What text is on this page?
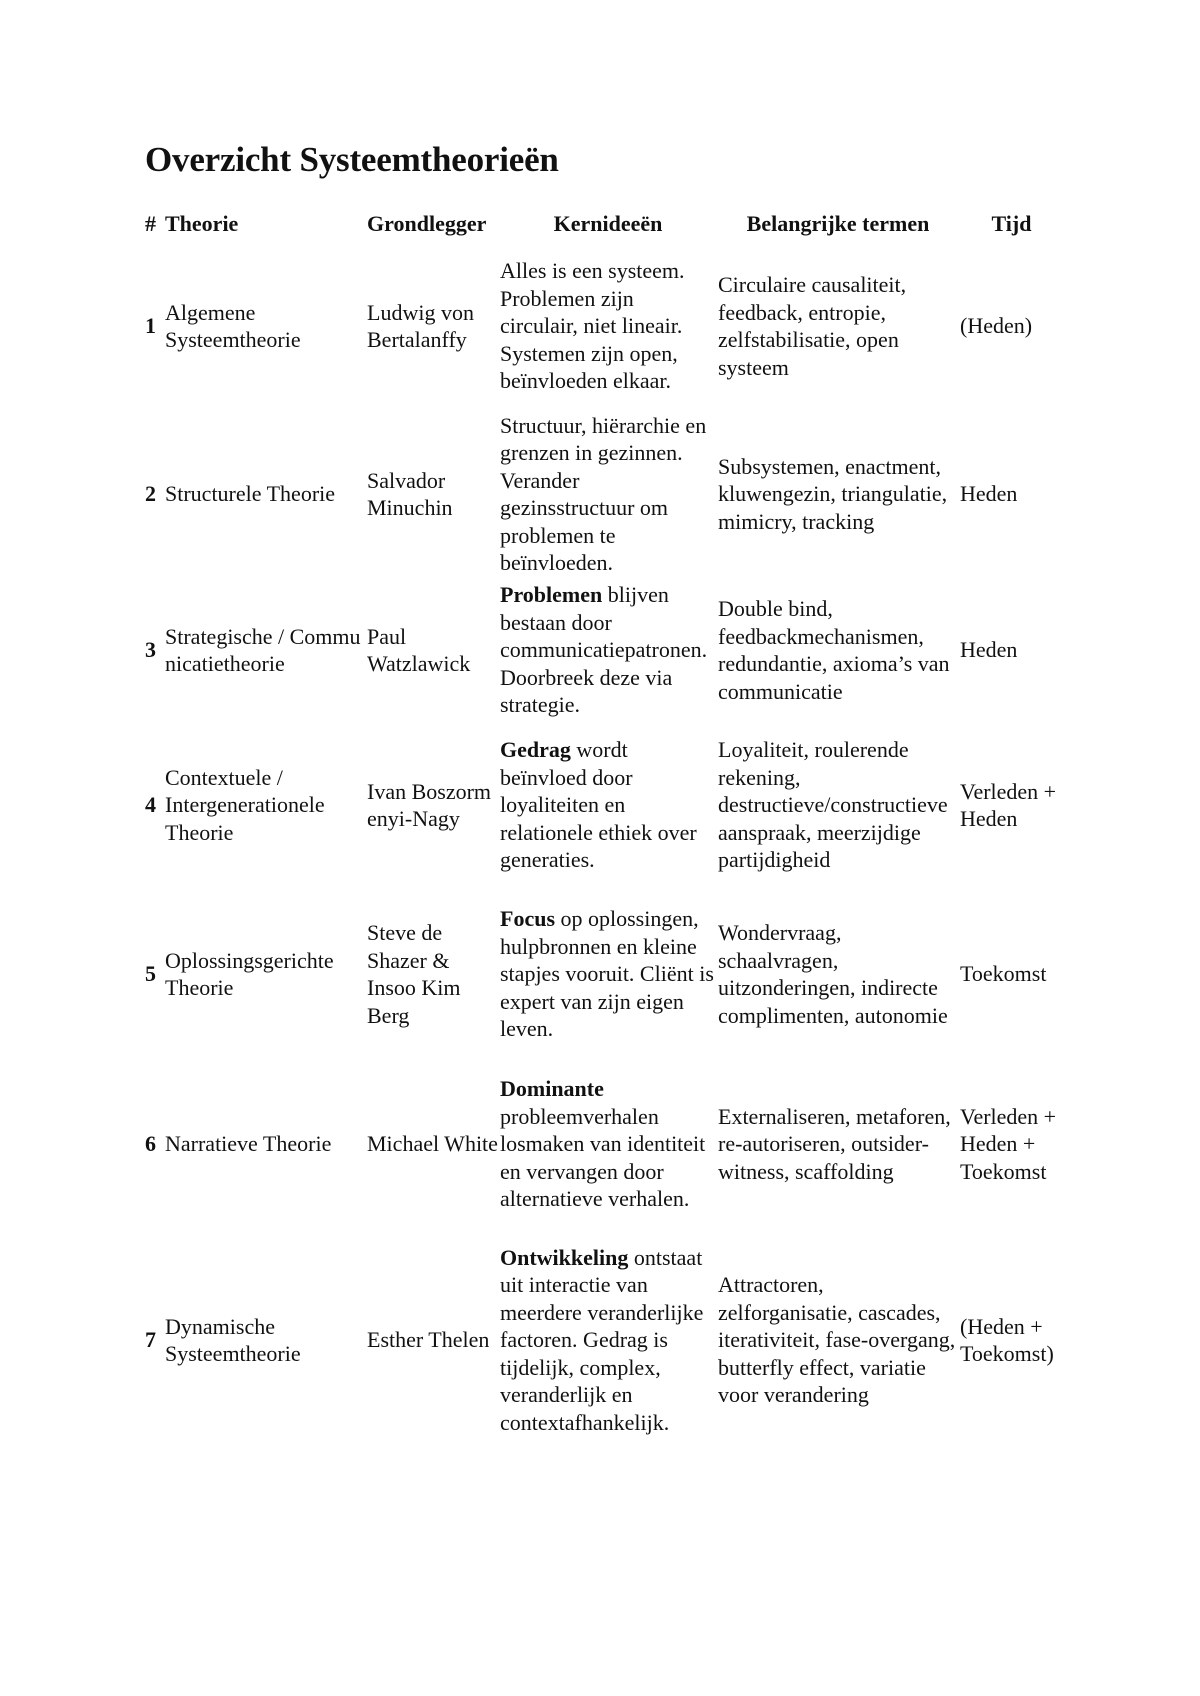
Overzicht Systeemtheorieën
#	Theorie	Grondlegger	Kernideeën	Belangrijke termen	Tijd
1	Algemene Systeemtheorie	Ludwig von Bertalanffy	Alles is een systeem. Problemen zijn circulair, niet lineair. Systemen zijn open, beïnvloeden elkaar.	Circulaire causaliteit, feedback, entropie, zelfstabilisatie, open systeem	(Heden)
2	Structurele Theorie	Salvador Minuchin	Structuur, hiërarchie en grenzen in gezinnen. Verander gezinsstructuur om problemen te beïnvloeden.	Subsystemen, enactment, kluwengezin, triangulatie, mimicry, tracking	Heden
3	Strategische / Communicatietheorie	Paul Watzlawick	Problemen blijven bestaan door communicatiepatronen. Doorbreek deze via strategie.	Double bind, feedbackmechanismen, redundantie, axioma’s van communicatie	Heden
4	Contextuele / Intergenerationele Theorie	Ivan Boszormenyi-Nagy	Gedrag wordt beïnvloed door loyaliteiten en relationele ethiek over generaties.	Loyaliteit, roulerende rekening, destructieve/constructieve aanspraak, meerzijdige partijdigheid	Verleden + Heden
5	Oplossingsgerichte Theorie	Steve de Shazer & Insoo Kim Berg	Focus op oplossingen, hulpbronnen en kleine stapjes vooruit. Cliënt is expert van zijn eigen leven.	Wondervraag, schaalvragen, uitzonderingen, indirecte complimenten, autonomie	Toekomst
6	Narratieve Theorie	Michael White	Dominante probleemverhalen losmaken van identiteit en vervangen door alternatieve verhalen.	Externaliseren, metaforen, re-autoriseren, outsider-witness, scaffolding	Verleden + Heden + Toekomst
7	Dynamische Systeemtheorie	Esther Thelen	Ontwikkeling ontstaat uit interactie van meerdere veranderlijke factoren. Gedrag is tijdelijk, complex, veranderlijk en contextafhankelijk.	Attractoren, zelforganisatie, cascades, iterativiteit, fase-overgang, butterfly effect, variatie voor verandering	(Heden + Toekomst)
